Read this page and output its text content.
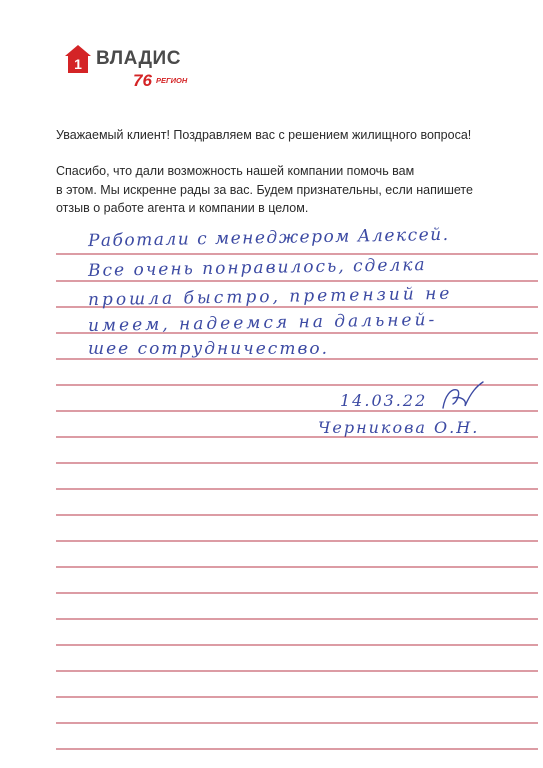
1 ВЛАДИС
76 РЕГИОН
Уважаемый клиент! Поздравляем вас с решением жилищного вопроса!
Спасибо, что дали возможность нашей компании помочь вам
в этом. Мы искренне рады за вас. Будем признательны, если напишете
отзыв о работе агента и компании в целом.
Работали с менеджером Алексей.
Все очень понравилось, сделка
прошла быстро, претензий не
имеем, надеемся на дальней-
шее сотрудничество.
14.03.22
Черникова О.Н.
